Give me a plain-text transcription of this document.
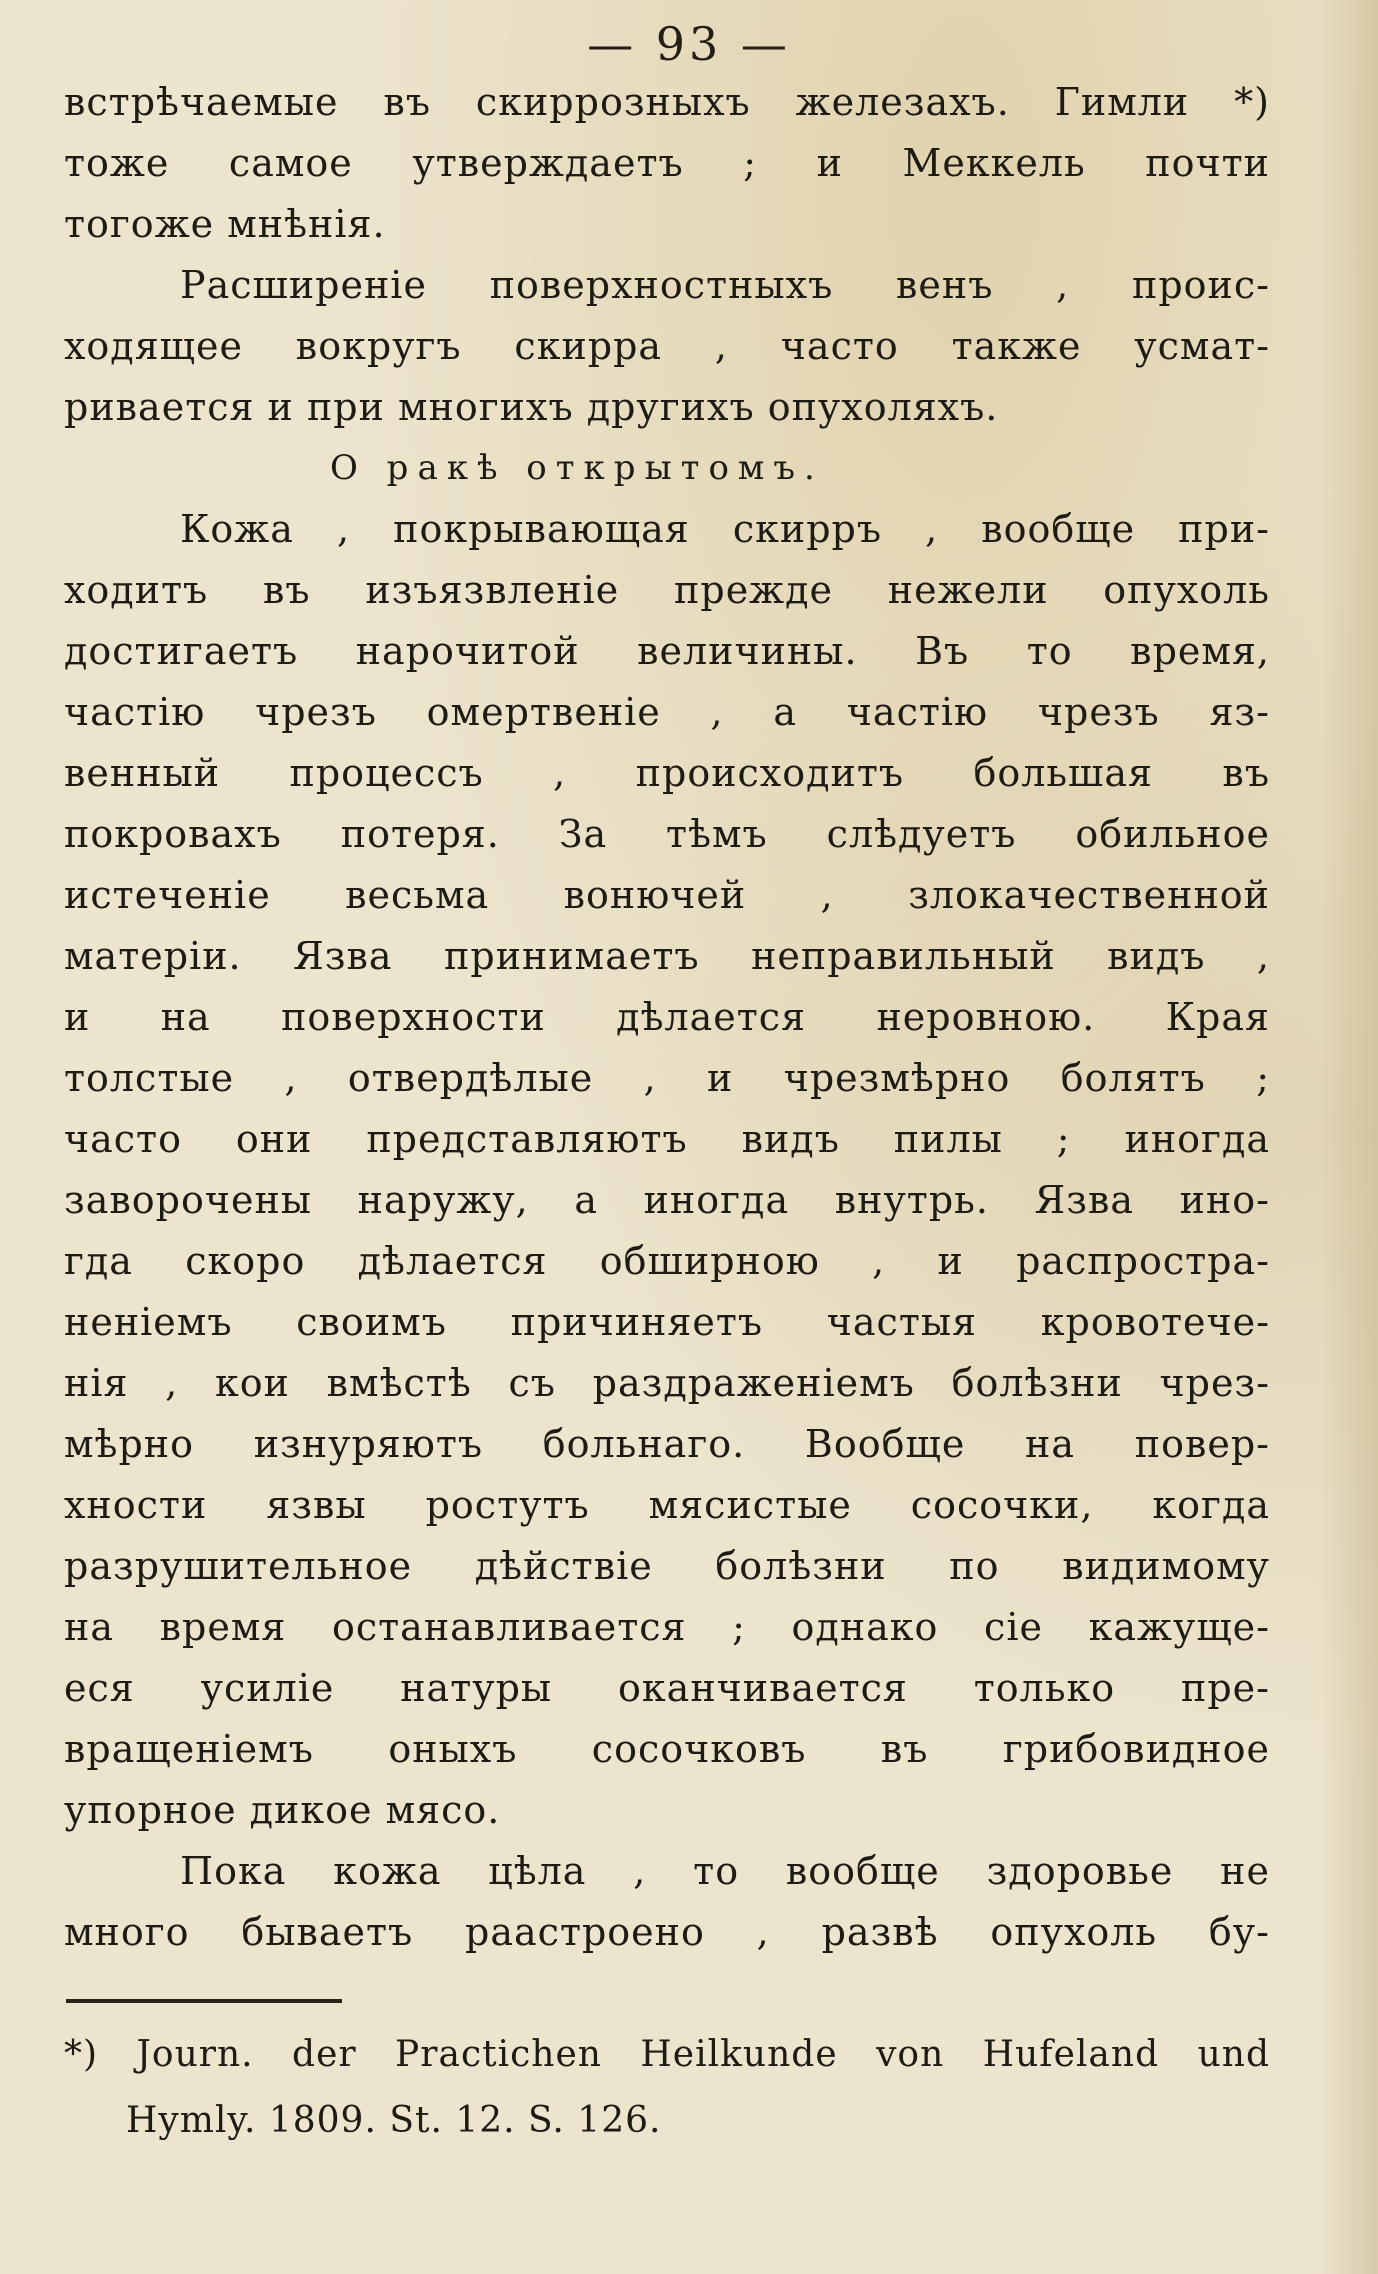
— 93 —
встрѣчаемые въ скиррозныхъ железахъ. Гимли *)
тоже самое утверждаетъ ; и Меккель почти
тогоже мнѣнія.
Расширеніе поверхностныхъ венъ , проис-
ходящее вокругъ скирра , часто также усмат-
ривается и при многихъ другихъ опухоляхъ.
О ракѣ открытомъ.
Кожа , покрывающая скирръ , вообще при-
ходитъ въ изъязвленіе прежде нежели опухоль
достигаетъ нарочитой величины. Въ то время,
частію чрезъ омертвеніе , а частію чрезъ яз-
венный процессъ , происходитъ большая въ
покровахъ потеря. За тѣмъ слѣдуетъ обильное
истеченіе весьма вонючей , злокачественной
матеріи. Язва принимаетъ неправильный видъ ,
и на поверхности дѣлается неровною. Края
толстые , отвердѣлые , и чрезмѣрно болятъ ;
часто они представляютъ видъ пилы ; иногда
заворочены наружу, а иногда внутрь. Язва ино-
гда скоро дѣлается обширною , и распростра-
неніемъ своимъ причиняетъ частыя кровотече-
нія , кои вмѣстѣ съ раздраженіемъ болѣзни чрез-
мѣрно изнуряютъ больнаго. Вообще на повер-
хности язвы ростутъ мясистые сосочки, когда
разрушительное дѣйствіе болѣзни по видимому
на время останавливается ; однако сіе кажуще-
еся усиліе натуры оканчивается только пре-
вращеніемъ оныхъ сосочковъ въ грибовидное
упорное дикое мясо.
Пока кожа цѣла , то вообще здоровье не
много бываетъ раастроено , развѣ опухоль бу-
*) Journ. der Practichen Heilkunde von Hufeland und
Hymly. 1809. St. 12. S. 126.
